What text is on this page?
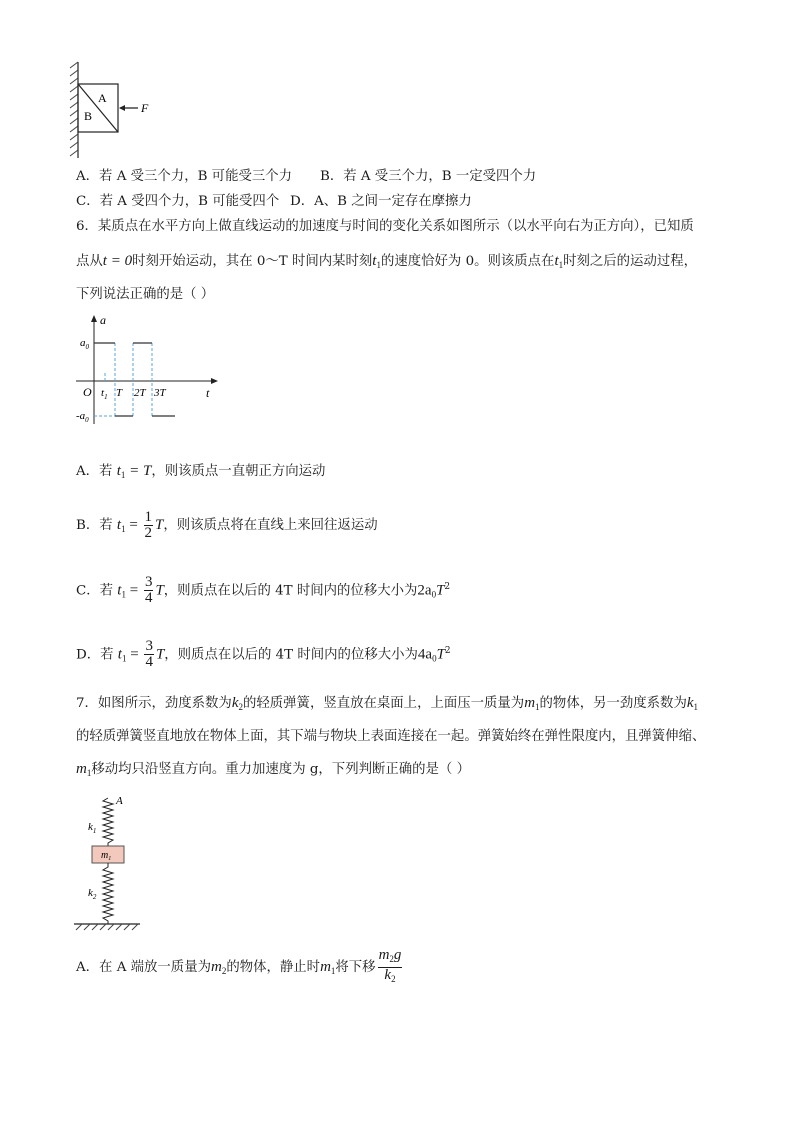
A
B
F
A．若 A 受三个力，B 可能受三个力 B．若 A 受三个力，B 一定受四个力
C．若 A 受四个力，B 可能受四个 D．A、B 之间一定存在摩擦力
6．某质点在水平方向上做直线运动的加速度与时间的变化关系如图所示（以水平向右为正方向），已知质
点从t = 0时刻开始运动，其在 0～T 时间内某时刻$t_1$的速度恰好为 0。则该质点在$t_1$时刻之后的运动过程，
下列说法正确的是（ ）
a
t
O
$a_0$
$-a_0$
$t_1$ T 2T 3T
A．若 $t_1 = T$，则该质点一直朝正方向运动
B．若 $t_1 = \frac{1}{2}$ T，则该质点将在直线上来回往返运动
C．若 $t_1 = \frac{3}{4}$ T，则质点在以后的 4T 时间内的位移大小为$2a_0T^2$
D．若 $t_1 = \frac{3}{4}$ T，则质点在以后的 4T 时间内的位移大小为$4a_0T^2$
7．如图所示，劲度系数为$k_2$的轻质弹簧，竖直放在桌面上，上面压一质量为$m_1$的物体，另一劲度系数为$k_1$
的轻质弹簧竖直地放在物体上面，其下端与物块上表面连接在一起。弹簧始终在弹性限度内，且弹簧伸缩、
$m_1$移动均只沿竖直方向。重力加速度为 g，下列判断正确的是（ ）
A
$k_1$
$m_1$
$k_2$
A．在 A 端放一质量为$m_2$的物体，静止时$m_1$将下移 $\frac{m_2g}{k_2}$
